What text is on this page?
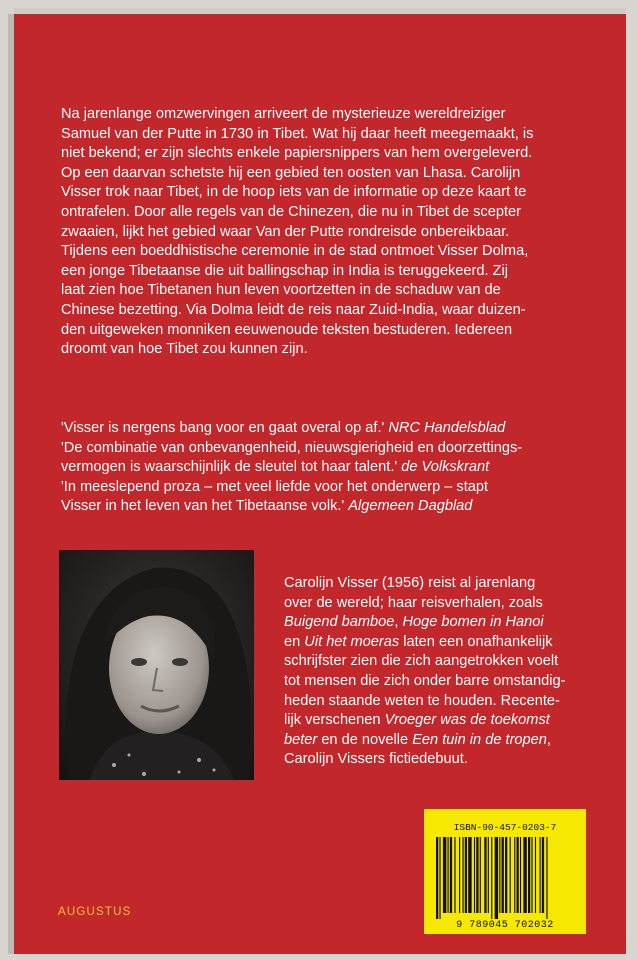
Na jarenlange omzwervingen arriveert de mysterieuze wereldreiziger
Samuel van der Putte in 1730 in Tibet. Wat hij daar heeft meegemaakt, is
niet bekend; er zijn slechts enkele papiersnippers van hem overgeleverd.
Op een daarvan schetste hij een gebied ten oosten van Lhasa. Carolijn
Visser trok naar Tibet, in de hoop iets van de informatie op deze kaart te
ontrafelen. Door alle regels van de Chinezen, die nu in Tibet de scepter
zwaaien, lijkt het gebied waar Van der Putte rondreisde onbereikbaar.
Tijdens een boeddhistische ceremonie in de stad ontmoet Visser Dolma,
een jonge Tibetaanse die uit ballingschap in India is teruggekeerd. Zij
laat zien hoe Tibetanen hun leven voortzetten in de schaduw van de
Chinese bezetting. Via Dolma leidt de reis naar Zuid-India, waar duizen-
den uitgeweken monniken eeuwenoude teksten bestuderen. Iedereen
droomt van hoe Tibet zou kunnen zijn.
'Visser is nergens bang voor en gaat overal op af.' NRC Handelsblad
'De combinatie van onbevangenheid, nieuwsgierigheid en doorzettings-
vermogen is waarschijnlijk de sleutel tot haar talent.' de Volkskrant
'In meeslepend proza – met veel liefde voor het onderwerp – stapt
Visser in het leven van het Tibetaanse volk.' Algemeen Dagblad
Carolijn Visser (1956) reist al jarenlang
over de wereld; haar reisverhalen, zoals
Buigend bamboe, Hoge bomen in Hanoi
en Uit het moeras laten een onafhankelijk
schrijfster zien die zich aangetrokken voelt
tot mensen die zich onder barre omstandig-
heden staande weten te houden. Recente-
lijk verschenen Vroeger was de toekomst
beter en de novelle Een tuin in de tropen,
Carolijn Vissers fictiedebuut.
AUGUSTUS
ISBN-90-457-0203-7
9 789045 702032
